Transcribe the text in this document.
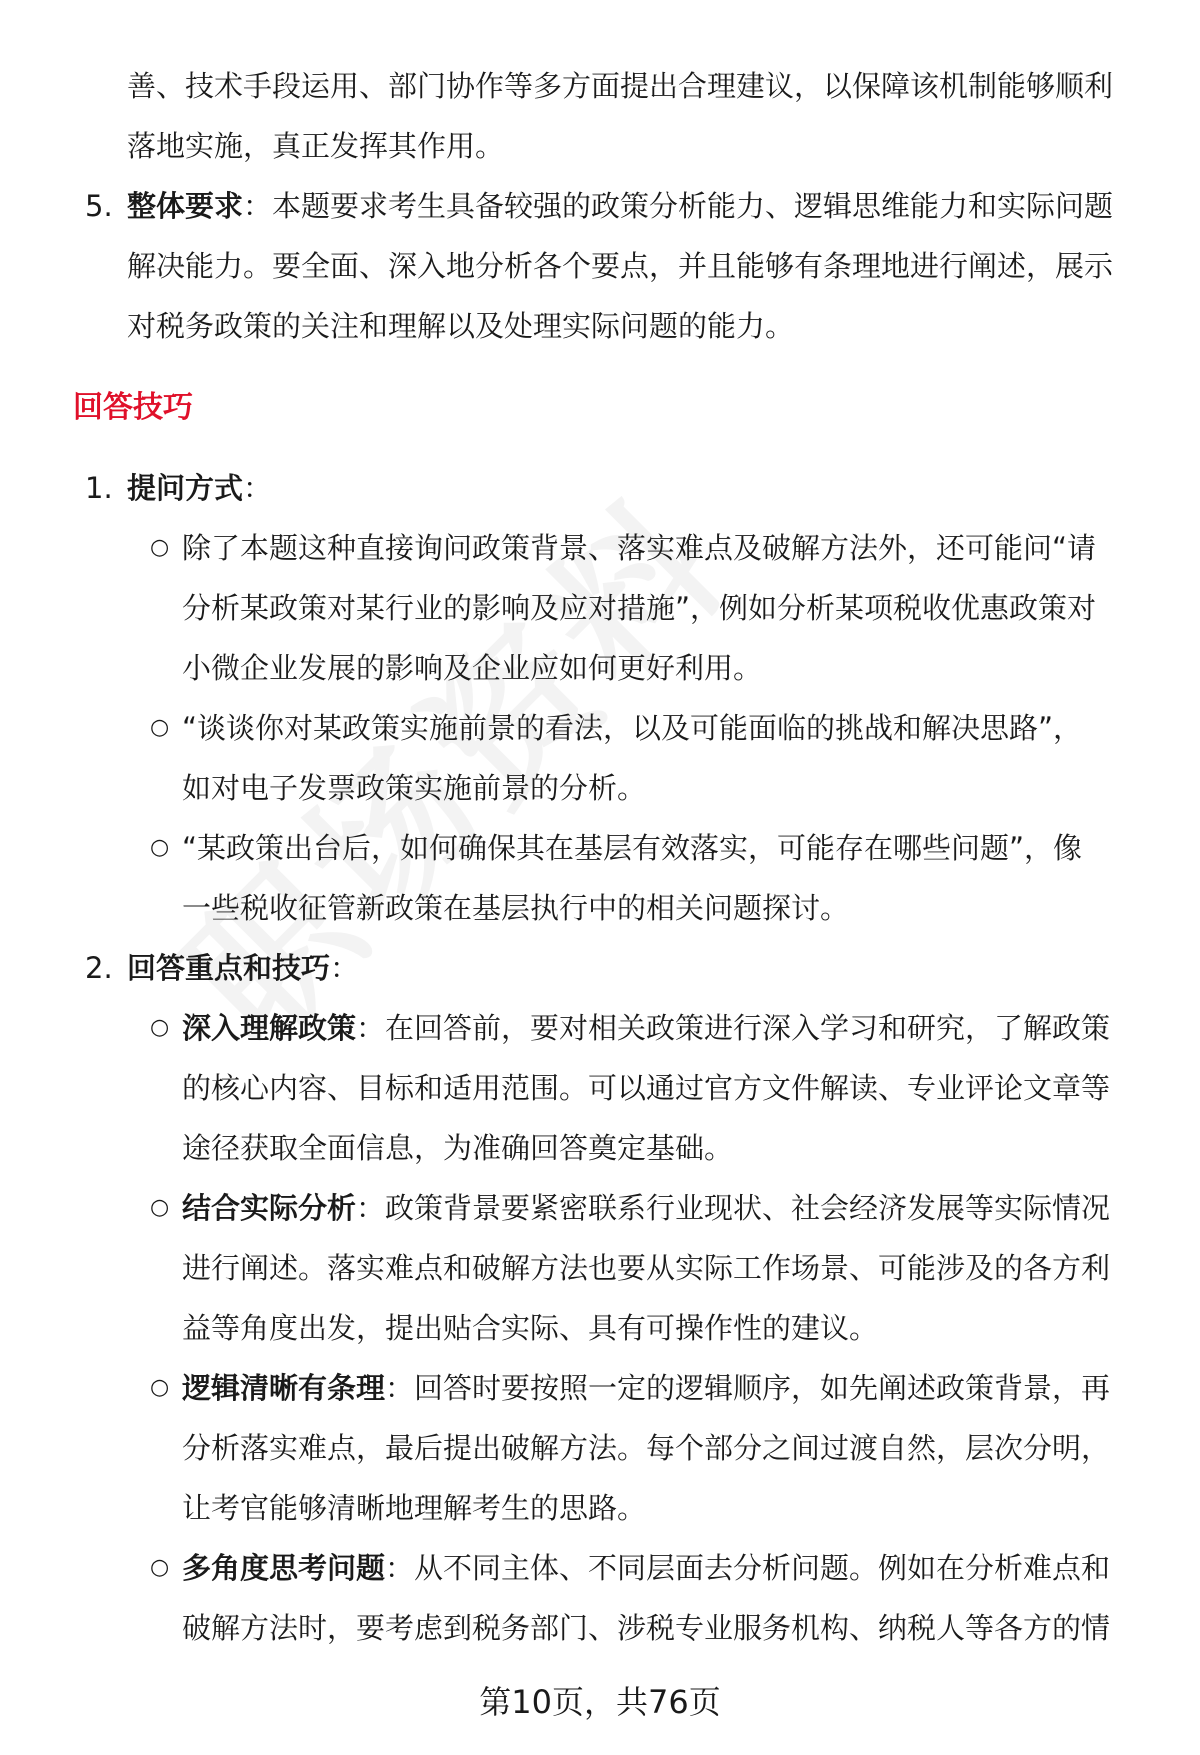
善、技术手段运用、部门协作等多方面提出合理建议，以保障该机制能够顺利
落地实施，真正发挥其作用。
5. 整体要求：本题要求考生具备较强的政策分析能力、逻辑思维能力和实际问题
解决能力。要全面、深入地分析各个要点，并且能够有条理地进行阐述，展示
对税务政策的关注和理解以及处理实际问题的能力。
回答技巧
1. 提问方式：
○ 除了本题这种直接询问政策背景、落实难点及破解方法外，还可能问“请
分析某政策对某行业的影响及应对措施”，例如分析某项税收优惠政策对
小微企业发展的影响及企业应如何更好利用。
○ “谈谈你对某政策实施前景的看法，以及可能面临的挑战和解决思路”，
如对电子发票政策实施前景的分析。
○ “某政策出台后，如何确保其在基层有效落实，可能存在哪些问题”，像
一些税收征管新政策在基层执行中的相关问题探讨。
2. 回答重点和技巧：
○ 深入理解政策：在回答前，要对相关政策进行深入学习和研究，了解政策
的核心内容、目标和适用范围。可以通过官方文件解读、专业评论文章等
途径获取全面信息，为准确回答奠定基础。
○ 结合实际分析：政策背景要紧密联系行业现状、社会经济发展等实际情况
进行阐述。落实难点和破解方法也要从实际工作场景、可能涉及的各方利
益等角度出发，提出贴合实际、具有可操作性的建议。
○ 逻辑清晰有条理：回答时要按照一定的逻辑顺序，如先阐述政策背景，再
分析落实难点，最后提出破解方法。每个部分之间过渡自然，层次分明，
让考官能够清晰地理解考生的思路。
○ 多角度思考问题：从不同主体、不同层面去分析问题。例如在分析难点和
破解方法时，要考虑到税务部门、涉税专业服务机构、纳税人等各方的情
第10页，共76页
